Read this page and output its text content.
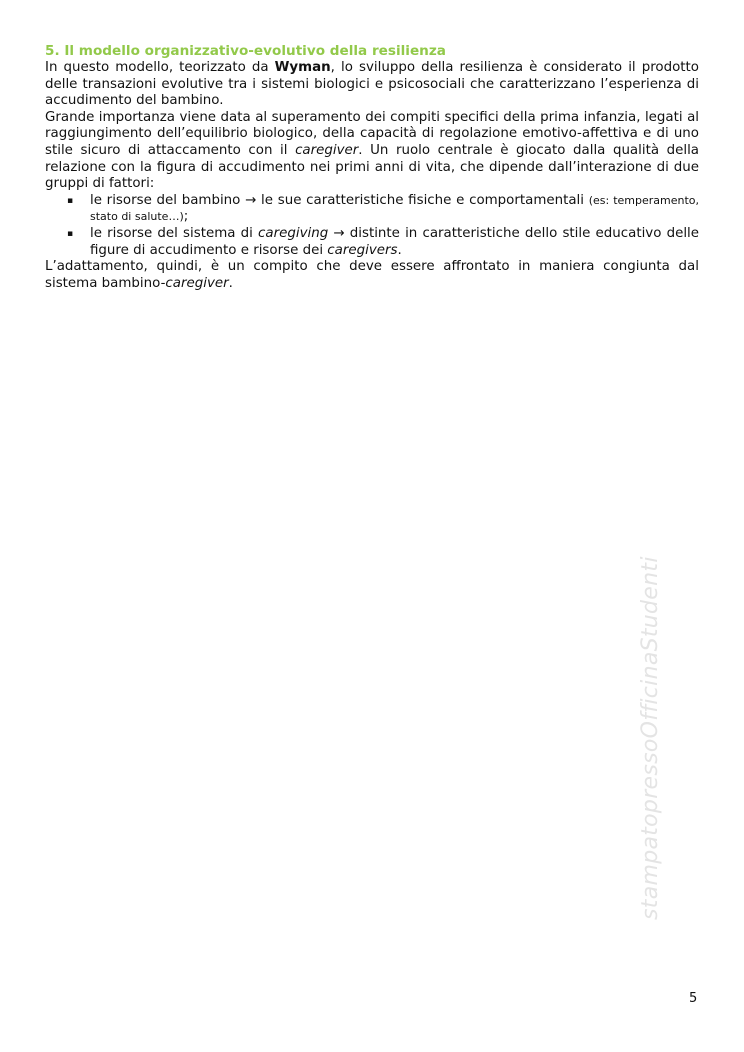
5. Il modello organizzativo-evolutivo della resilienza

In questo modello, teorizzato da Wyman, lo sviluppo della resilienza è considerato il prodotto delle transazioni evolutive tra i sistemi biologici e psicosociali che caratterizzano l’esperienza di accudimento del bambino.

Grande importanza viene data al superamento dei compiti specifici della prima infanzia, legati al raggiungimento dell’equilibrio biologico, della capacità di regolazione emotivo-affettiva e di uno stile sicuro di attaccamento con il caregiver. Un ruolo centrale è giocato dalla qualità della relazione con la figura di accudimento nei primi anni di vita, che dipende dall’interazione di due gruppi di fattori:

▪ le risorse del bambino → le sue caratteristiche fisiche e comportamentali (es: temperamento, stato di salute…);
▪ le risorse del sistema di caregiving → distinte in caratteristiche dello stile educativo delle figure di accudimento e risorse dei caregivers.

L’adattamento, quindi, è un compito che deve essere affrontato in maniera congiunta dal sistema bambino-caregiver.

stampatopressoOfficinaStudenti
5
